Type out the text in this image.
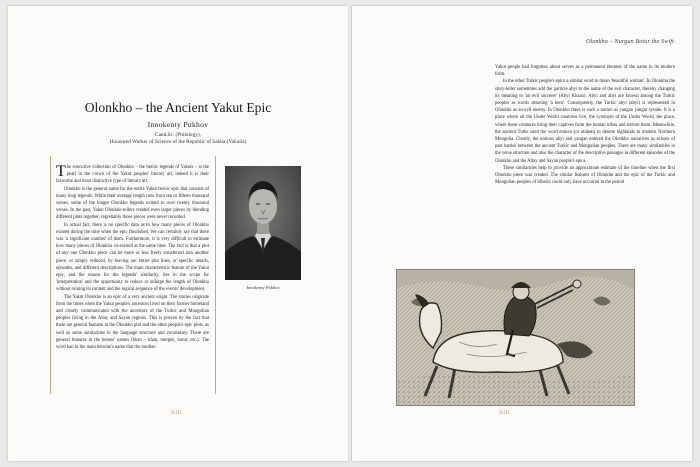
Olonkho – the Ancient Yakut Epic
Innokenty Pukhov
Cand.Sc. (Philology),
Honoured Worker of Science of the Republic of Sakha (Yakutia)

The executive collection of Olonkho – the heroic legends of Yakuts – is the pearl in the crown of the Yakut peoples' literary art, indeed it is their favourite and most distinctive type of literary art.

Olonkho is the general name for the entire Yakut heroic epic that consists of many long legends. While their average length runs from ten to fifteen thousand verses, some of the longer Olonkho legends extend to over twenty thousand verses. In the past, Yakut Olonkho-tellers created even larger pieces by blending different plots together, regrettably those pieces were never recorded.

In actual fact, there is no specific data as to how many pieces of Olonkho existed during the time when the epic flourished. We can certainly say that there was 'a significant number' of them. Furthermore, it is very difficult to estimate how many pieces of Olonkho co-existed at the same time. The fact is that a plot of any one Olonkho piece can be more or less freely transferred into another piece, or simply reduced, by leaving out entire plot lines, or specific details, episodes, and different descriptions. The main characteristic feature of the Yakut epic, and the reason for the legends' similarity, lies in the scope for 'interpretation' and the opportunity to reduce or enlarge the length of Olonkho without ruining its content and the logical sequence of the events' development.

The Yakut Olonkho is an epic of a very ancient origin. The stories originate from the times when the Yakut people's ancestors lived on their former homeland and closely communicated with the ancestors of the Turkic and Mongolian peoples living in the Altay and Sayan regions. This is proven by the fact that there are general features in the Olonkho plot and the other people's epic plots, as well as some similarities in the language structure and vocabulary. There are general features in the heroes' names (khan – khan, mergen, botur, etc.). The word kan in the main heroine's name that the modern

Innokenty Pukhov
XIII
Olonkho – Nurgun Botur the Swift

Yakut people had forgotten about serves as a permanent element of the name in its modern form.

In the other Turkic people's epics a similar word to mean 'beautiful woman'. In Olonkho the story-teller sometimes add the particle abyi to the name of the evil character, thereby changing its meaning to 'an evil sorcerer' (Abyi Khaan). Abyi and abyi are known among the Turkic peoples as words denoting 'a hero'. Consequently, the Turkic abyi (abyi) is represented in Olonkho as an evil enemy. In Olonkho there is such a notion as yangan yangat ryeabe. It is a place where all the Under World creatures live, the synonym of the Under World, the place, where these creatures bring their captives from the human tribes and torture them. Meanwhile, the ancient Turks used the word etuken (or otuken) to denote highlands in modern Northern Mongolia. Clearly, the notions abyi and yangan entered the Olonkho narratives as echoes of past battles between the ancient Turkic and Mongolian peoples. There are many similarities in the verse structure and also the character of the descriptive passages in different episodes of the Olonkho and the Altay and Sayan people's epics.

These similarities help to provide an approximate estimate of the timeline when the first Olonkho piece was created. The similar features of Olonkho and the epic of the Turkic and Mongolian peoples of Siberia could only have occurred in the period

XIII
